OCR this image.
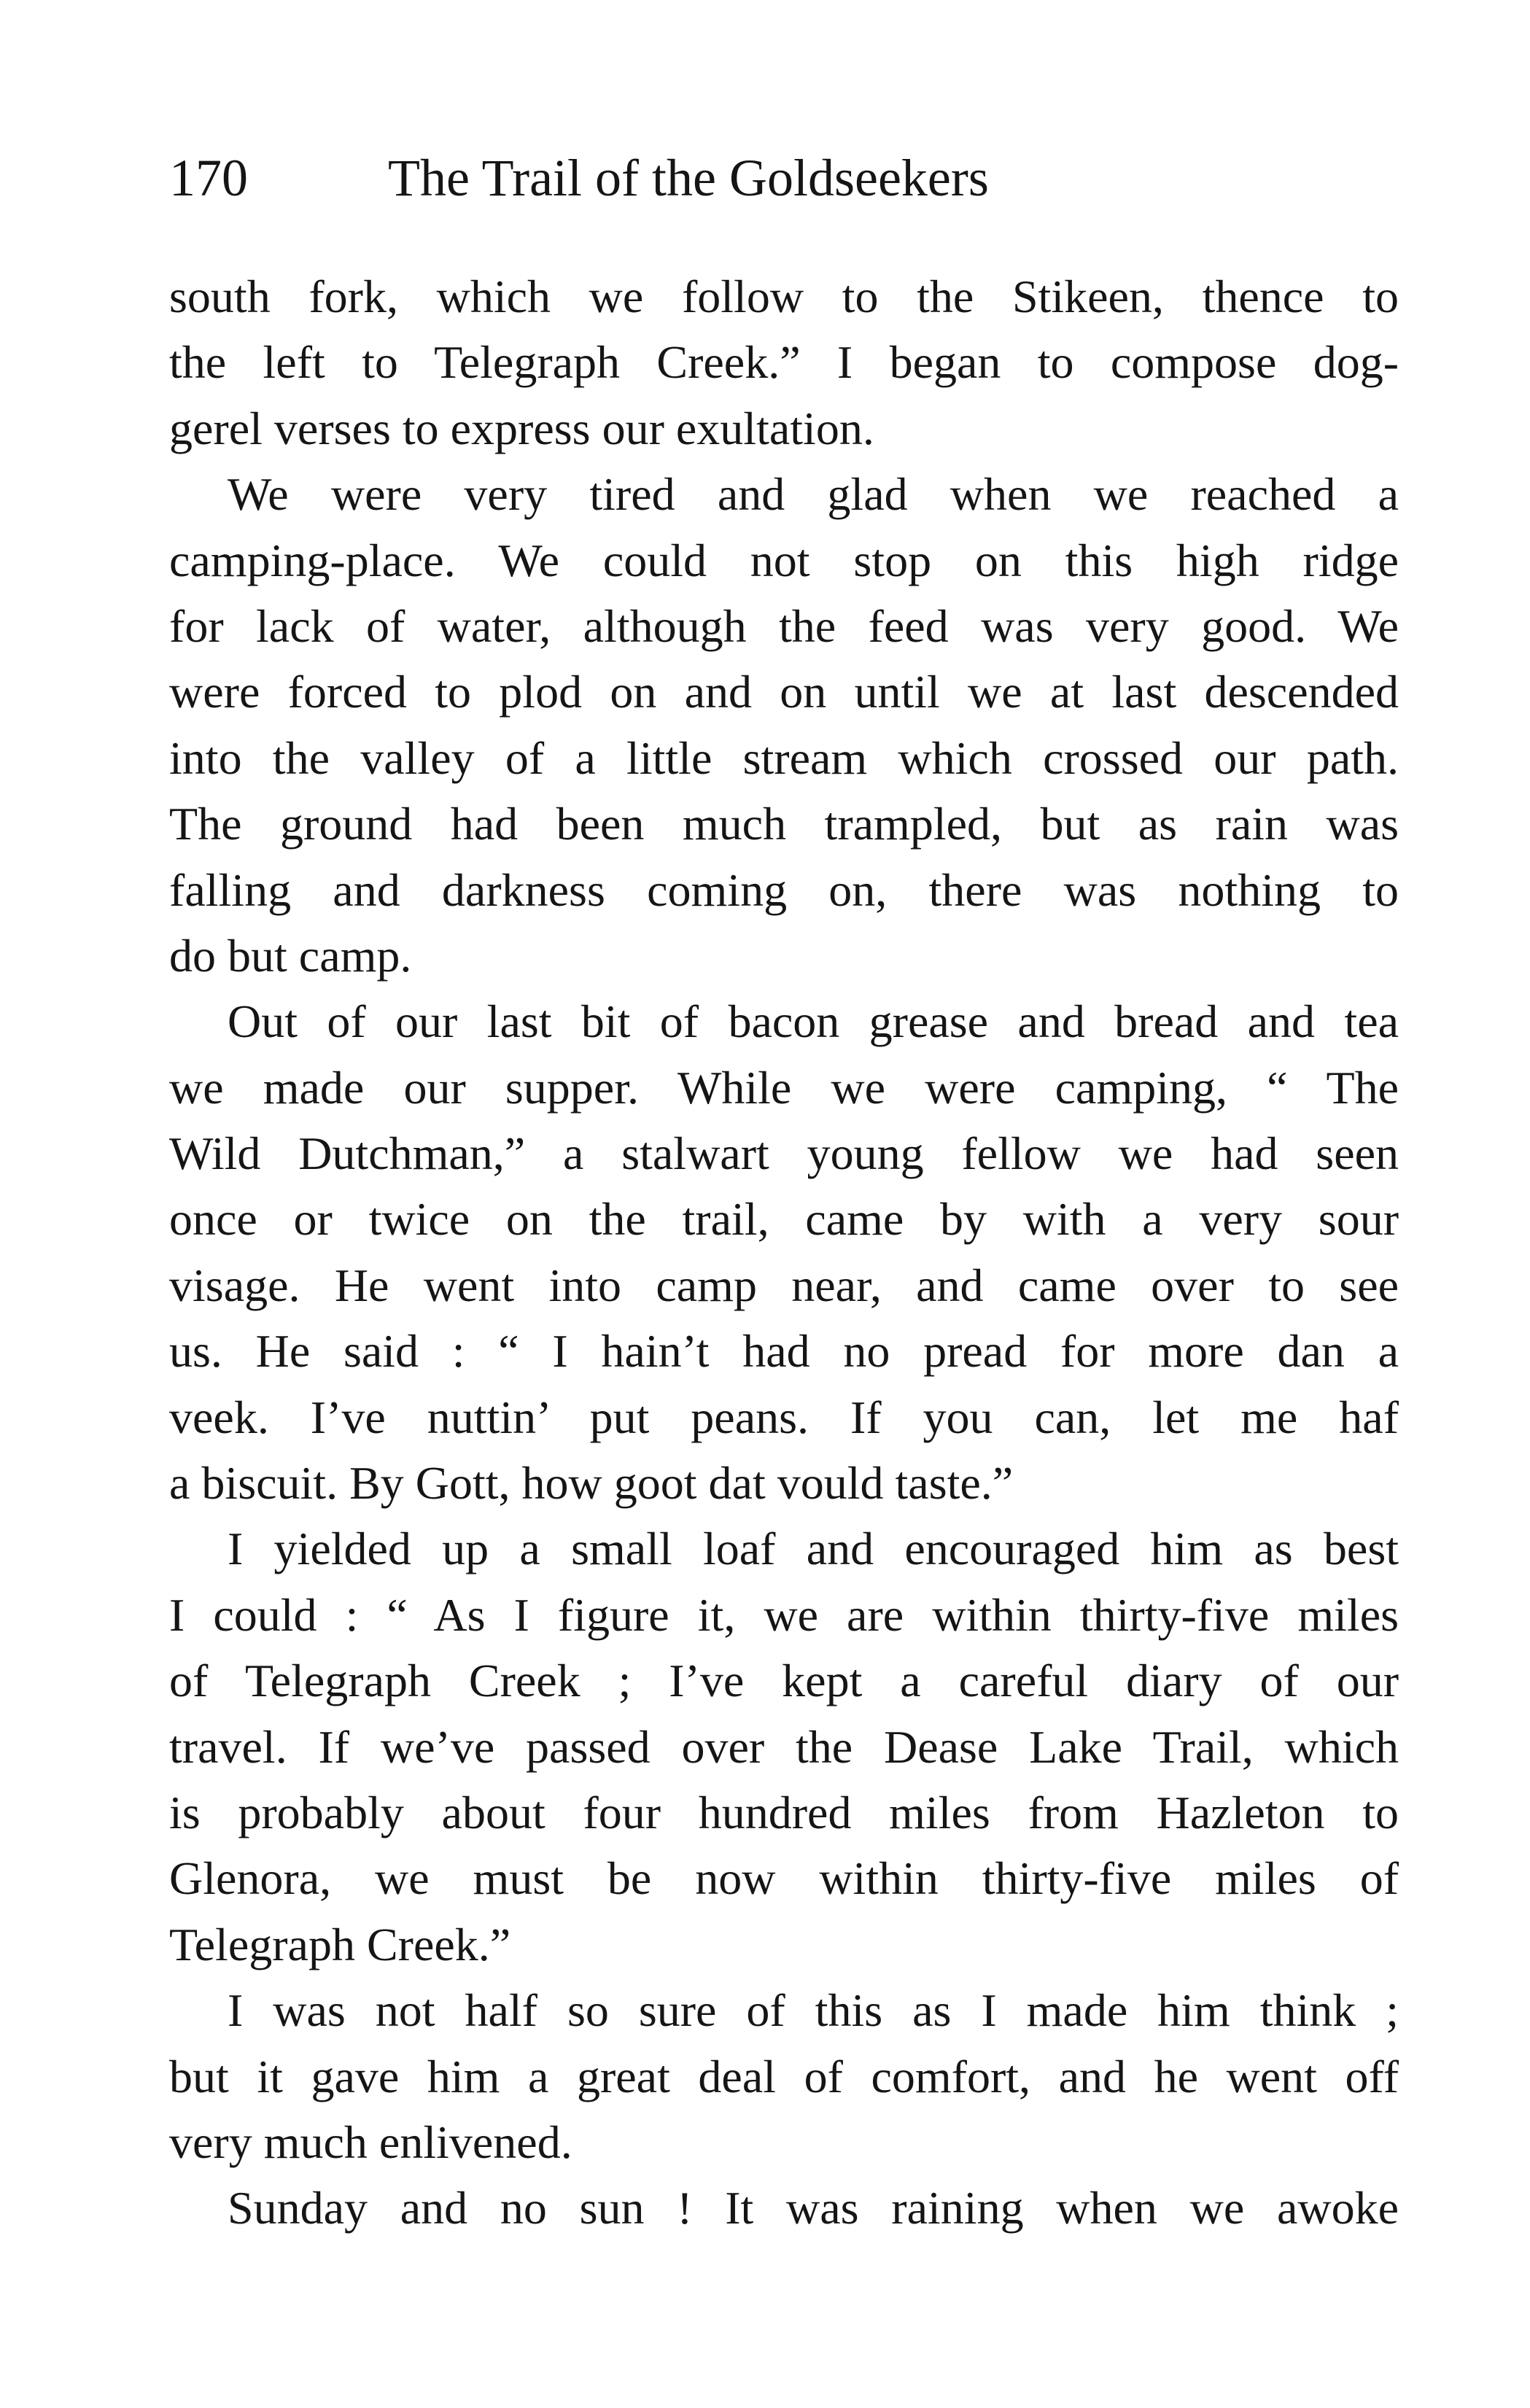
170	The Trail of the Goldseekers
south fork, which we follow to the Stikeen, thence to
the left to Telegraph Creek.” I began to compose dog-
gerel verses to express our exultation.
We were very tired and glad when we reached a
camping-place. We could not stop on this high ridge
for lack of water, although the feed was very good. We
were forced to plod on and on until we at last descended
into the valley of a little stream which crossed our path.
The ground had been much trampled, but as rain was
falling and darkness coming on, there was nothing to
do but camp.
Out of our last bit of bacon grease and bread and tea
we made our supper. While we were camping, “ The
Wild Dutchman,” a stalwart young fellow we had seen
once or twice on the trail, came by with a very sour
visage. He went into camp near, and came over to see
us. He said : “ I hain’t had no pread for more dan a
veek. I’ve nuttin’ put peans. If you can, let me haf
a biscuit. By Gott, how goot dat vould taste.”
I yielded up a small loaf and encouraged him as best
I could : “ As I figure it, we are within thirty-five miles
of Telegraph Creek ; I’ve kept a careful diary of our
travel. If we’ve passed over the Dease Lake Trail, which
is probably about four hundred miles from Hazleton to
Glenora, we must be now within thirty-five miles of
Telegraph Creek.”
I was not half so sure of this as I made him think ;
but it gave him a great deal of comfort, and he went off
very much enlivened.
Sunday and no sun ! It was raining when we awoke
